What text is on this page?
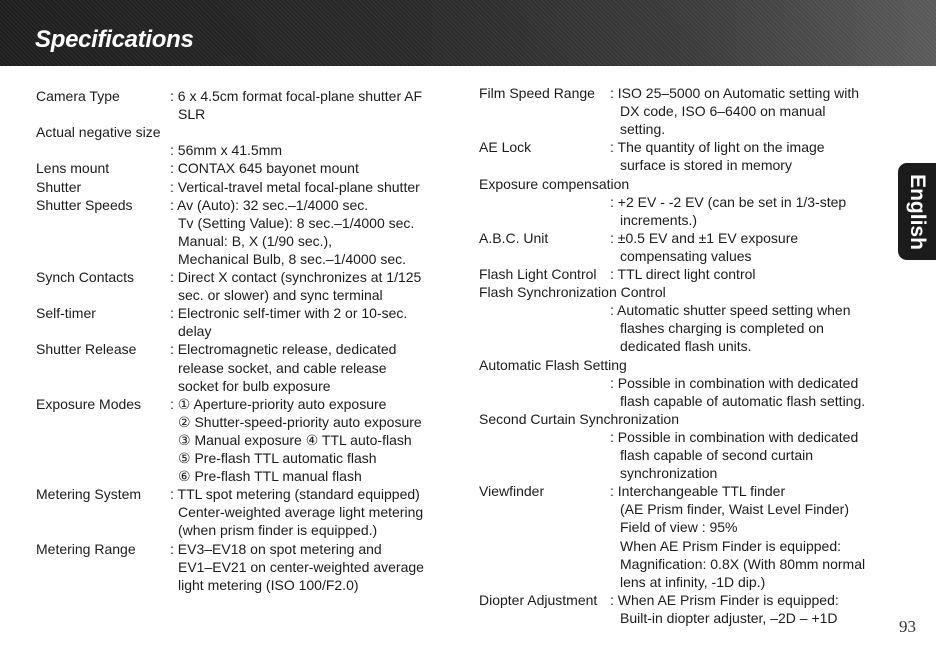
Specifications
English
93
Camera Type	: 6 x 4.5cm format focal-plane shutter AF
SLR
Actual negative size
: 56mm x 41.5mm
Lens mount	: CONTAX 645 bayonet mount
Shutter	: Vertical-travel metal focal-plane shutter
Shutter Speeds	: Av (Auto): 32 sec.–1/4000 sec.
Tv (Setting Value): 8 sec.–1/4000 sec.
Manual: B, X (1/90 sec.),
Mechanical Bulb, 8 sec.–1/4000 sec.
Synch Contacts	: Direct X contact (synchronizes at 1/125
sec. or slower) and sync terminal
Self-timer	: Electronic self-timer with 2 or 10-sec.
delay
Shutter Release : Electromagnetic release, dedicated
release socket, and cable release
socket for bulb exposure
Exposure Modes : ① Aperture-priority auto exposure
② Shutter-speed-priority auto exposure
③ Manual exposure ④ TTL auto-flash
⑤ Pre-flash TTL automatic flash
⑥ Pre-flash TTL manual flash
Metering System : TTL spot metering (standard equipped)
Center-weighted average light metering
(when prism finder is equipped.)
Metering Range : EV3–EV18 on spot metering and
EV1–EV21 on center-weighted average
light metering (ISO 100/F2.0)
Film Speed Range : ISO 25–5000 on Automatic setting with
DX code, ISO 6–6400 on manual
setting.
AE Lock	: The quantity of light on the image
surface is stored in memory
Exposure compensation
: +2 EV - -2 EV (can be set in 1/3-step
increments.)
A.B.C. Unit	: ±0.5 EV and ±1 EV exposure
compensating values
Flash Light Control : TTL direct light control
Flash Synchronization Control
: Automatic shutter speed setting when
flashes charging is completed on
dedicated flash units.
Automatic Flash Setting
: Possible in combination with dedicated
flash capable of automatic flash setting.
Second Curtain Synchronization
: Possible in combination with dedicated
flash capable of second curtain
synchronization
Viewfinder	: Interchangeable TTL finder
(AE Prism finder, Waist Level Finder)
Field of view : 95%
When AE Prism Finder is equipped:
Magnification: 0.8X (With 80mm normal
lens at infinity, -1D dip.)
Diopter Adjustment : When AE Prism Finder is equipped:
Built-in diopter adjuster, –2D – +1D
